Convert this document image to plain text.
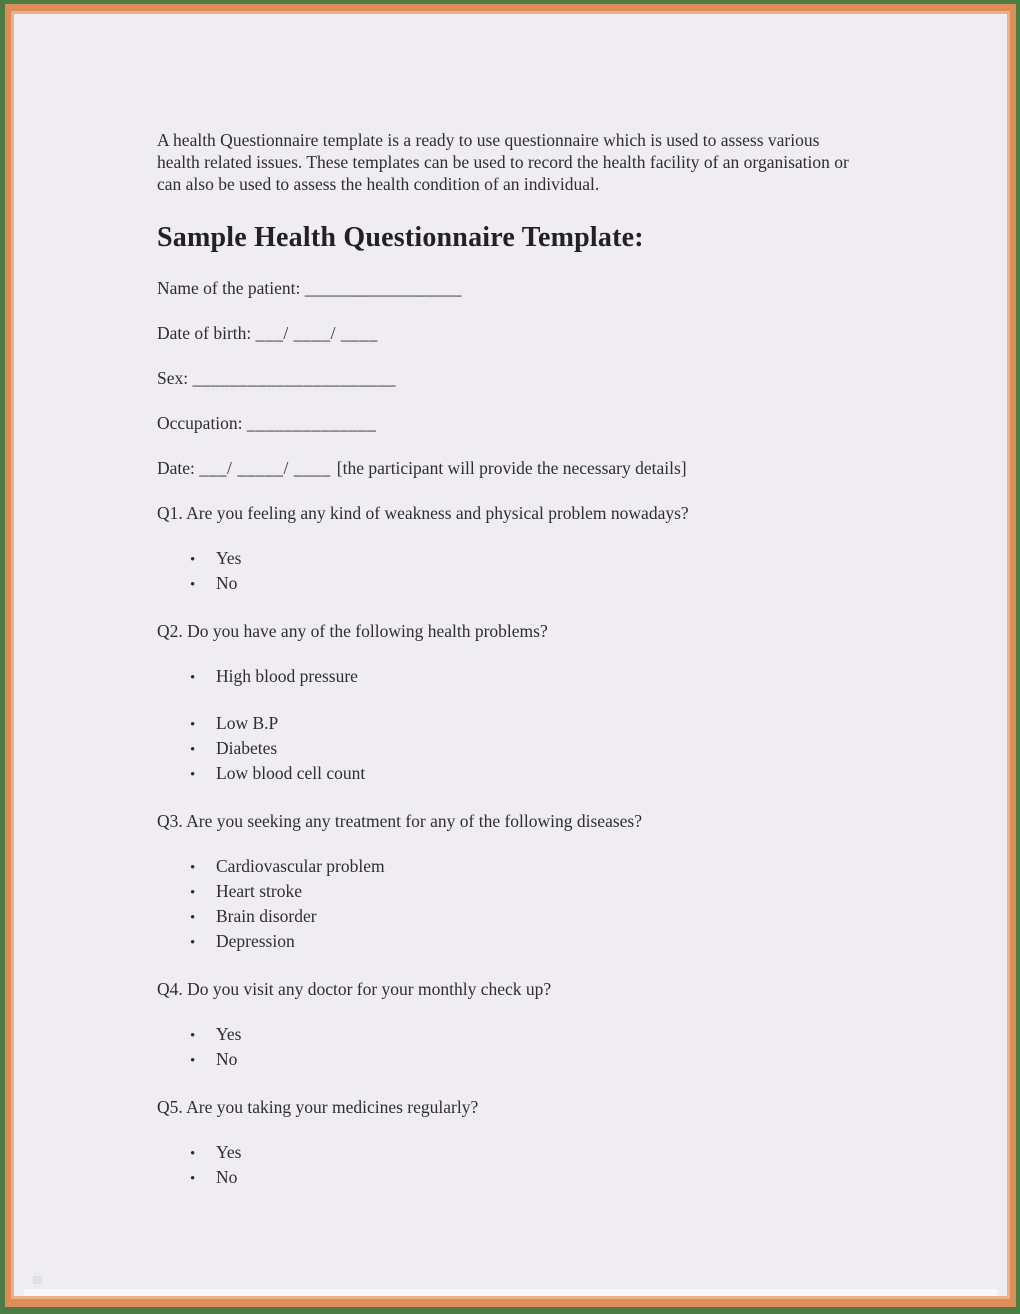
A health Questionnaire template is a ready to use questionnaire which is used to assess various health related issues. These templates can be used to record the health facility of an organisation or can also be used to assess the health condition of an individual.

Sample Health Questionnaire Template:

Name of the patient: _________________

Date of birth: ___/ ____/ ____

Sex: ______________________

Occupation: ______________

Date: ___/ _____/ ____ [the participant will provide the necessary details]

Q1. Are you feeling any kind of weakness and physical problem nowadays?

•	Yes
•	No

Q2. Do you have any of the following health problems?

•	High blood pressure
•	Low B.P
•	Diabetes
•	Low blood cell count

Q3. Are you seeking any treatment for any of the following diseases?

•	Cardiovascular problem
•	Heart stroke
•	Brain disorder
•	Depression

Q4. Do you visit any doctor for your monthly check up?

•	Yes
•	No

Q5. Are you taking your medicines regularly?

•	Yes
•	No
